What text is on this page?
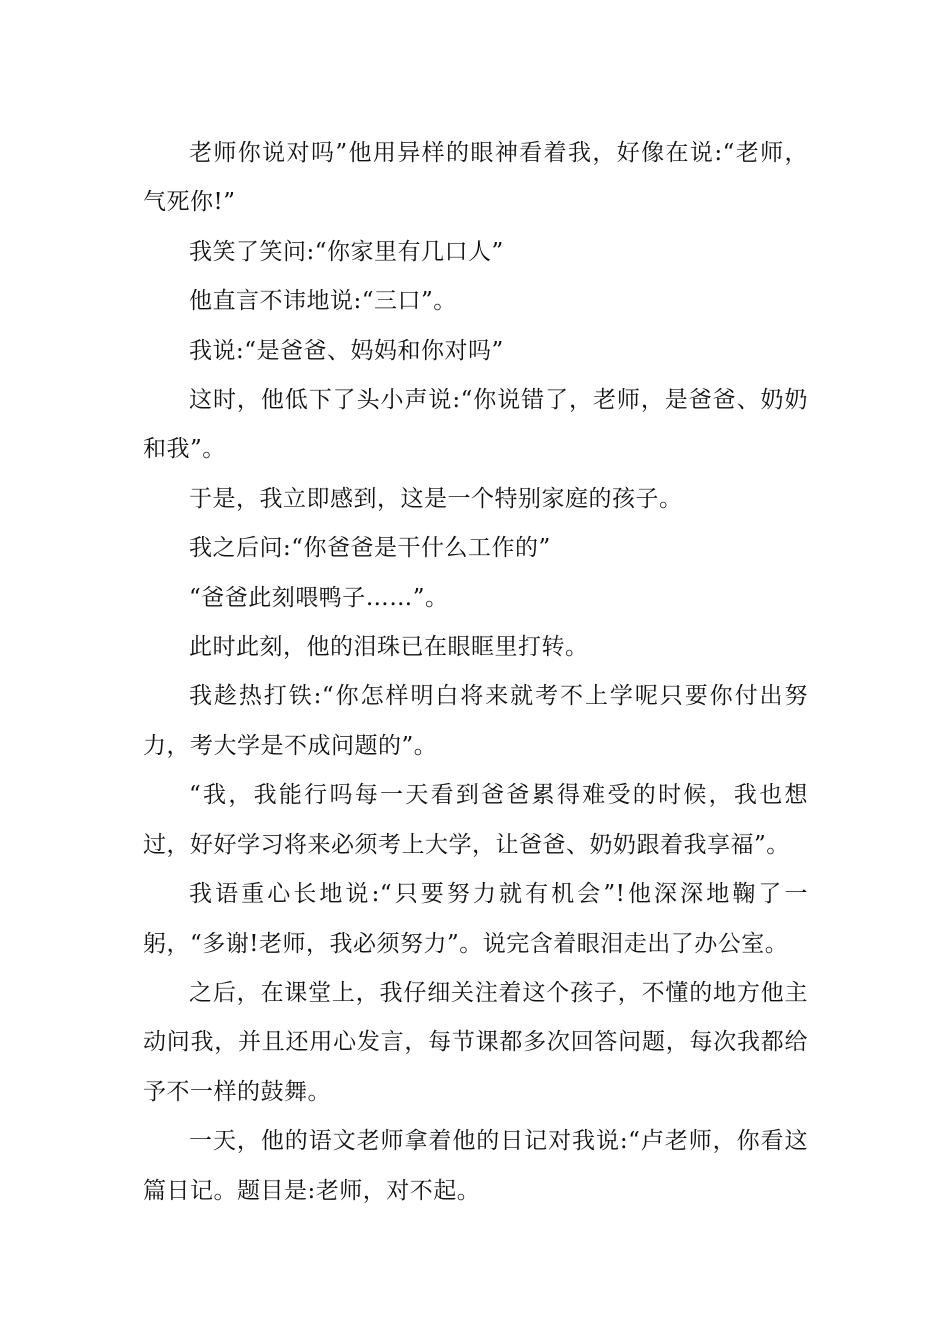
老师你说对吗”他用异样的眼神看着我，好像在说:“老师，气死你!”

我笑了笑问:“你家里有几口人”

他直言不讳地说:“三口”。

我说:“是爸爸、妈妈和你对吗”

这时，他低下了头小声说:“你说错了，老师，是爸爸、奶奶和我”。

于是，我立即感到，这是一个特别家庭的孩子。

我之后问:“你爸爸是干什么工作的”

“爸爸此刻喂鸭子……”。

此时此刻，他的泪珠已在眼眶里打转。

我趁热打铁:“你怎样明白将来就考不上学呢只要你付出努力，考大学是不成问题的”。

“我，我能行吗每一天看到爸爸累得难受的时候，我也想过，好好学习将来必须考上大学，让爸爸、奶奶跟着我享福”。

我语重心长地说:“只要努力就有机会”!他深深地鞠了一躬，“多谢!老师，我必须努力”。说完含着眼泪走出了办公室。

之后，在课堂上，我仔细关注着这个孩子，不懂的地方他主动问我，并且还用心发言，每节课都多次回答问题，每次我都给予不一样的鼓舞。

一天，他的语文老师拿着他的日记对我说:“卢老师，你看这篇日记。题目是:老师，对不起。
